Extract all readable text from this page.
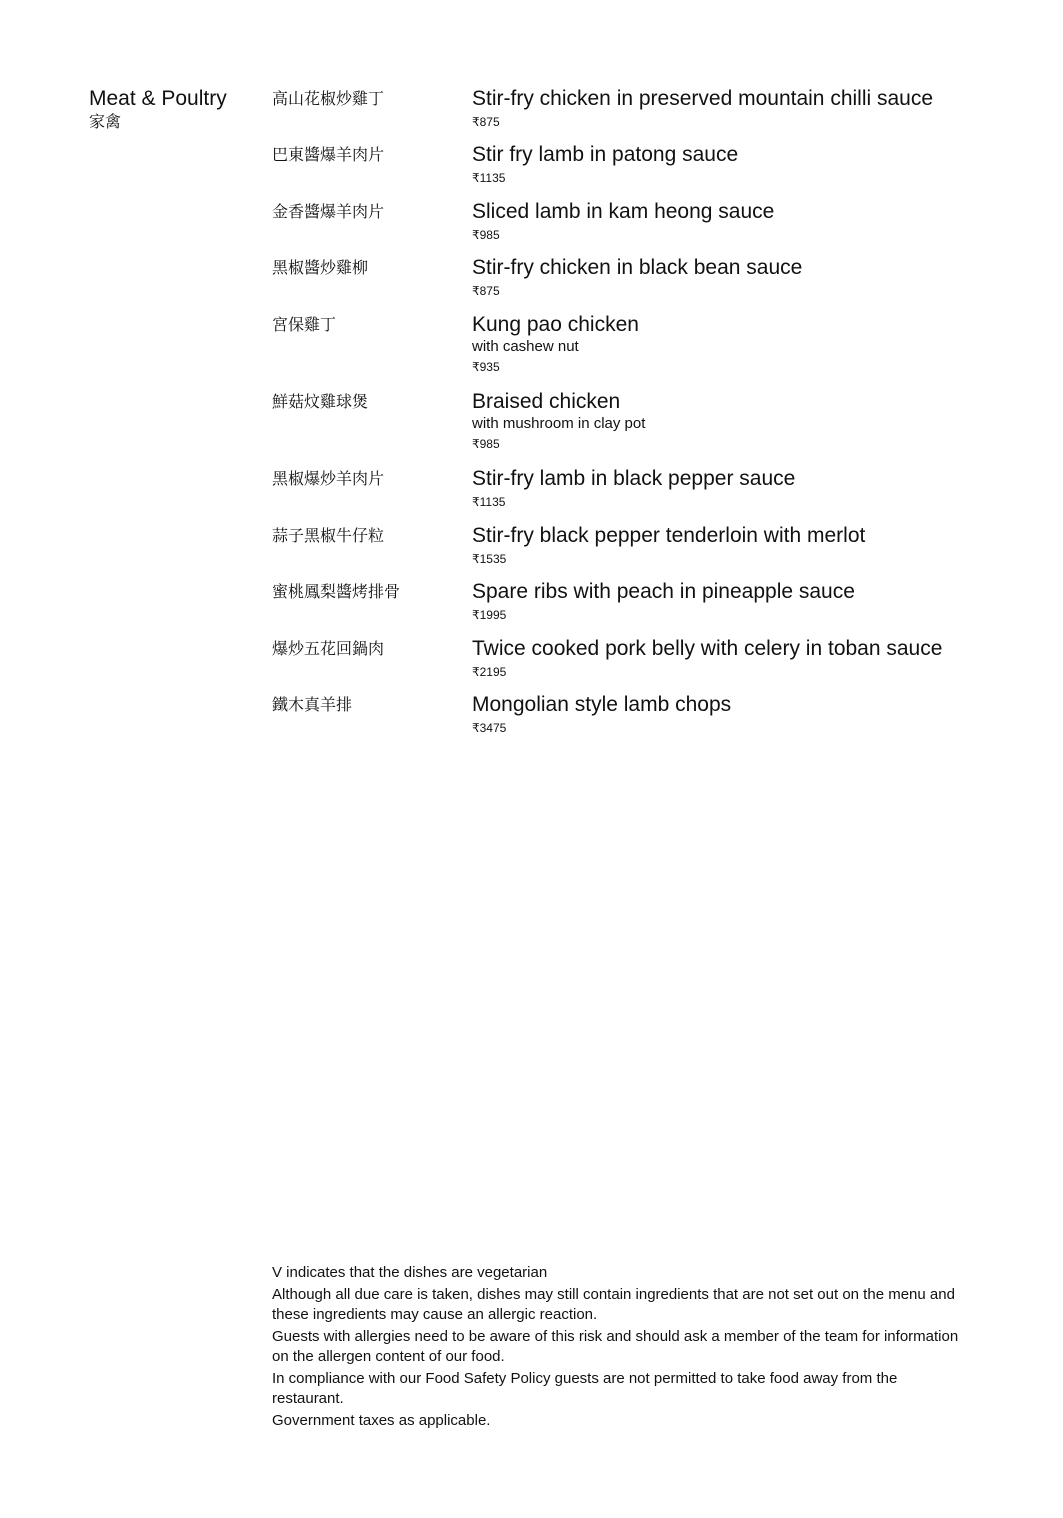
Meat & Poultry
家禽
高山花椒炒雞丁	Stir-fry chicken in preserved mountain chilli sauce
₹875
巴東醬爆羊肉片	Stir fry lamb in patong sauce
₹1135
金香醬爆羊肉片	Sliced lamb in kam heong sauce
₹985
黑椒醬炒雞柳	Stir-fry chicken in black bean sauce
₹875
宮保雞丁	Kung pao chicken
with cashew nut
₹935
鮮菇炆雞球煲	Braised chicken
with mushroom in clay pot
₹985
黑椒爆炒羊肉片	Stir-fry lamb in black pepper sauce
₹1135
蒜子黑椒牛仔粒	Stir-fry black pepper tenderloin with merlot
₹1535
蜜桃鳳梨醬烤排骨	Spare ribs with peach in pineapple sauce
₹1995
爆炒五花回鍋肉	Twice cooked pork belly with celery in toban sauce
₹2195
鐵木真羊排	Mongolian style lamb chops
₹3475

V indicates that the dishes are vegetarian

Although all due care is taken, dishes may still contain ingredients that are not set out on the menu and these ingredients may cause an allergic reaction.

Guests with allergies need to be aware of this risk and should ask a member of the team for information on the allergen content of our food.

In compliance with our Food Safety Policy guests are not permitted to take food away from the restaurant.

Government taxes as applicable.
